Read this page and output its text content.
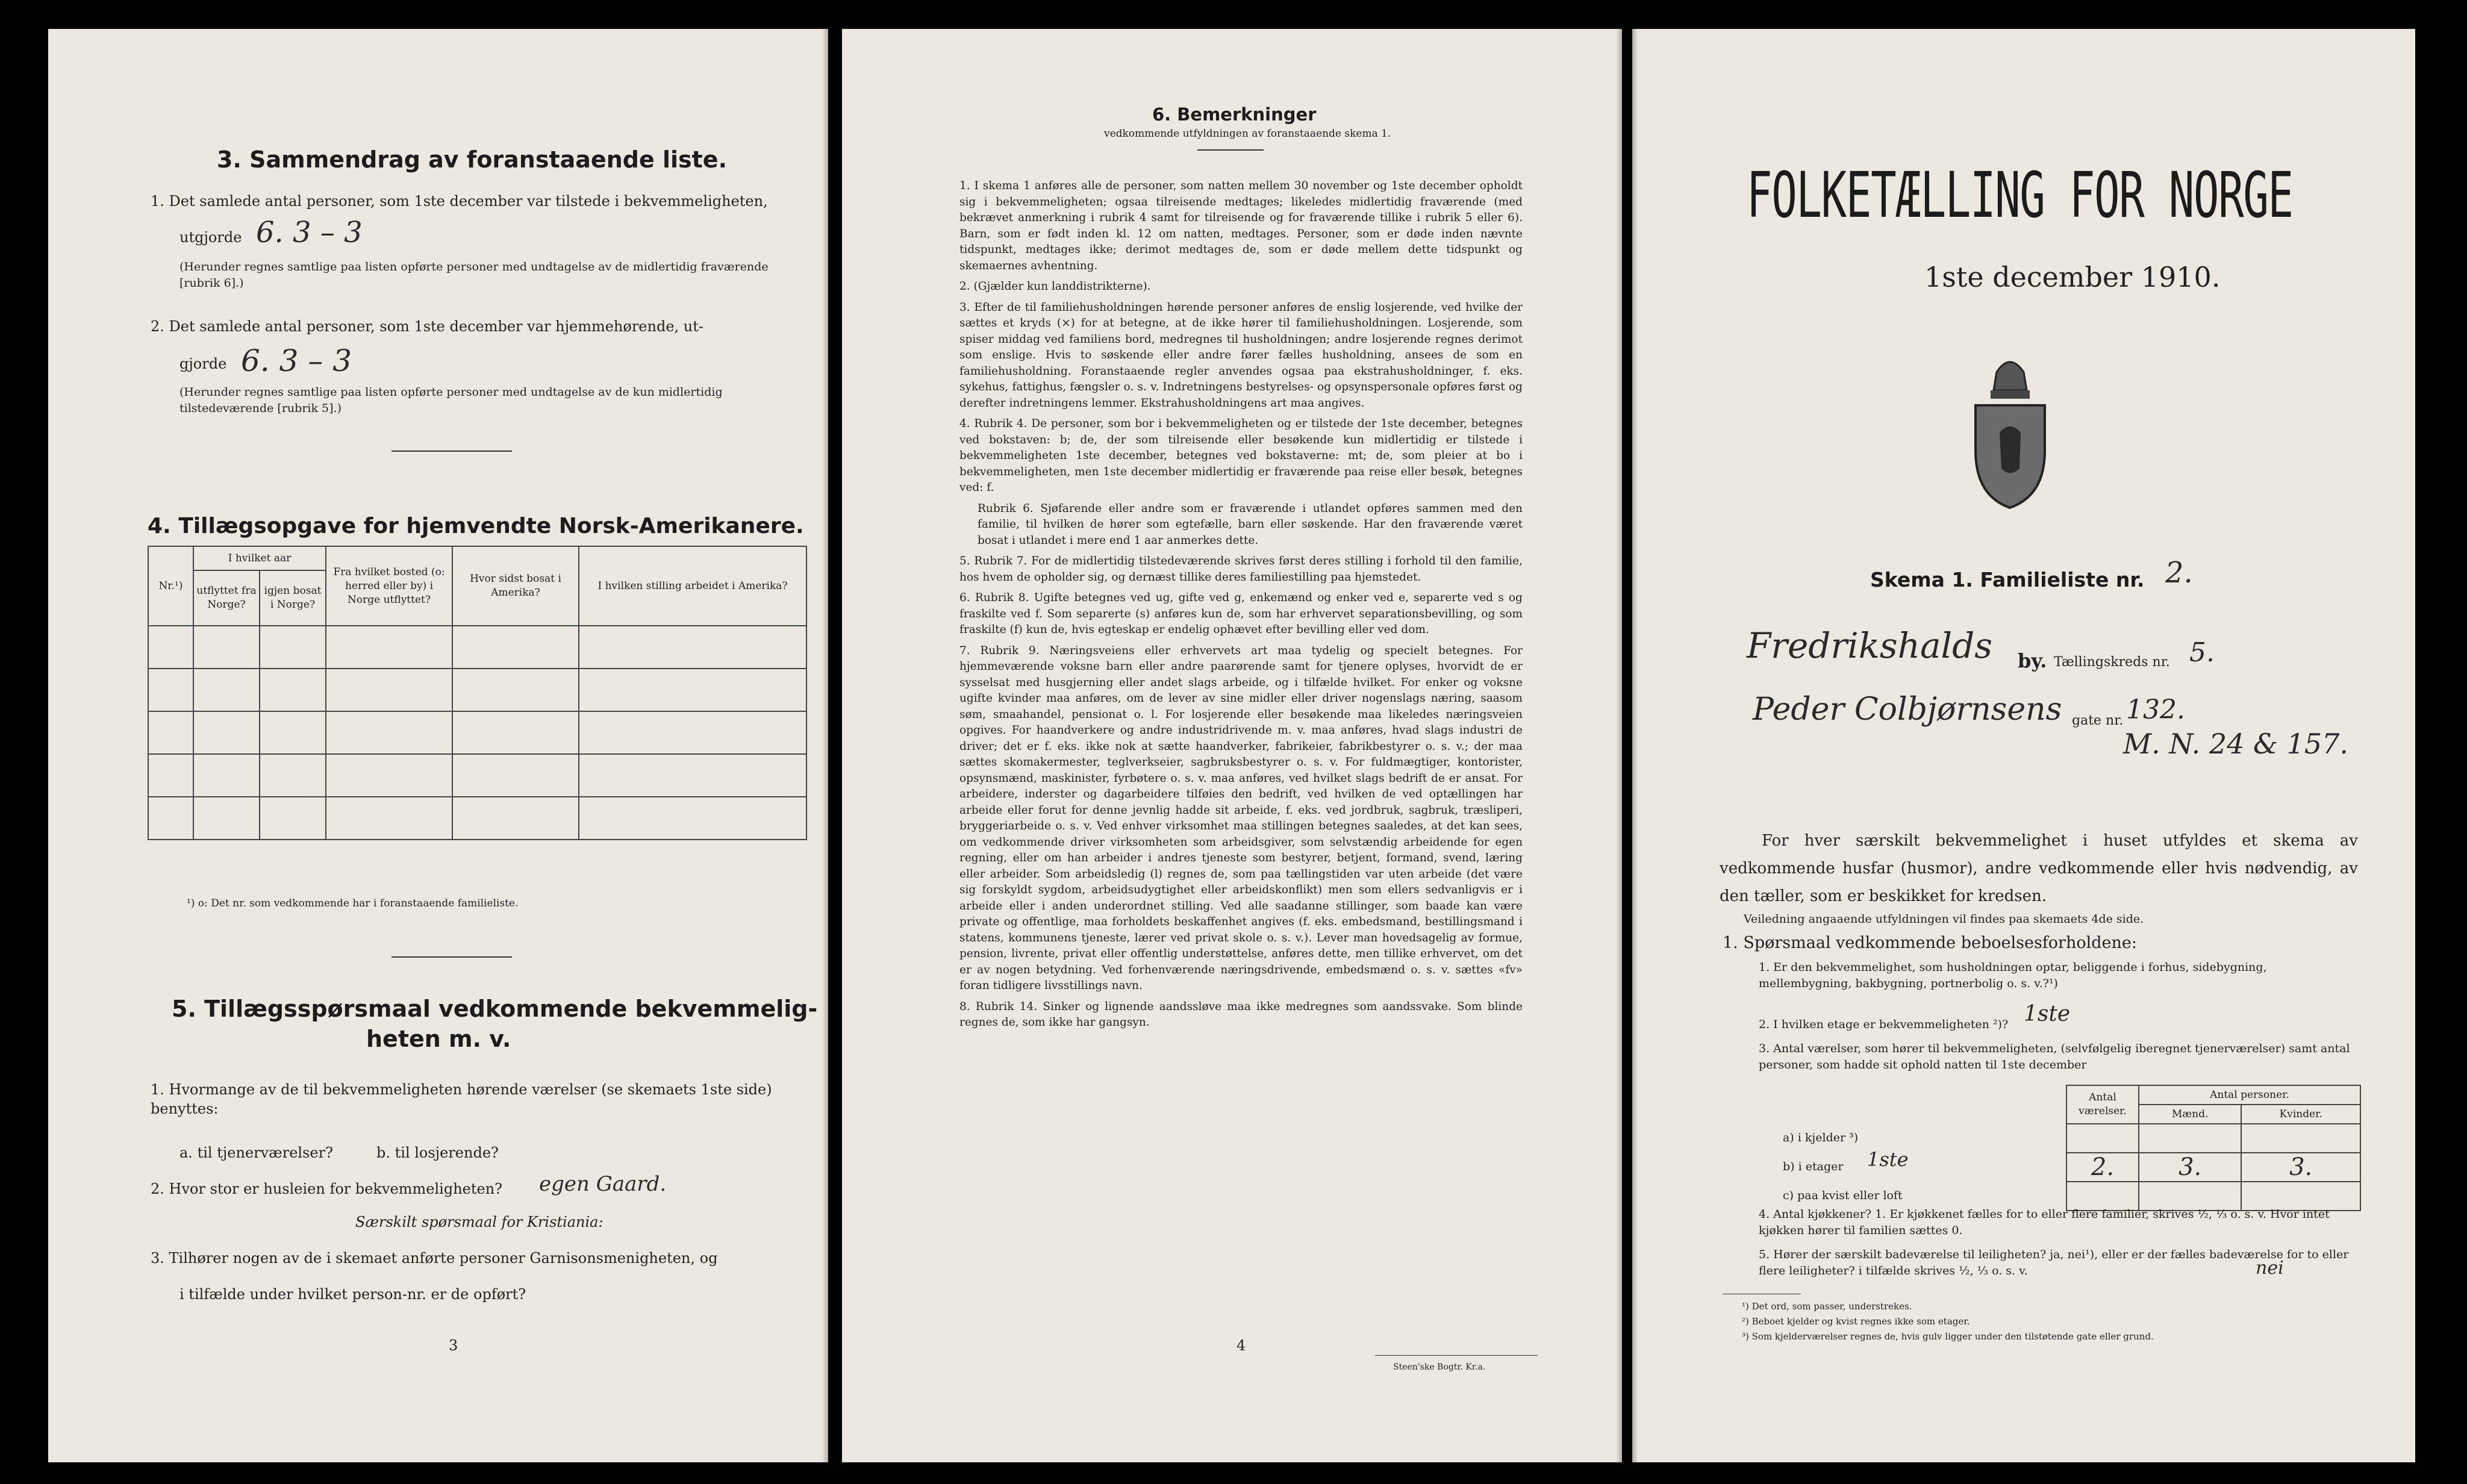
3. Sammendrag av foranstaaende liste.
1. Det samlede antal personer, som 1ste december var tilstede i bekvemmeligheten,
utgjorde 6. 3 – 3
(Herunder regnes samtlige paa listen opførte personer med undtagelse av de midlertidig fraværende [rubrik 6].)
2. Det samlede antal personer, som 1ste december var hjemmehørende, ut-
gjorde 6. 3 – 3
(Herunder regnes samtlige paa listen opførte personer med undtagelse av de kun midlertidig tilstedeværende [rubrik 5].)
4. Tillægsopgave for hjemvendte Norsk-Amerikanere.
Nr.¹)	I hvilket aar		Fra hvilket bosted (o: herred eller by) i Norge utflyttet?	Hvor sidst bosat i Amerika?	I hvilken stilling arbeidet i Amerika?
	utflyttet fra Norge?	igjen bosat i Norge?			

¹) o: Det nr. som vedkommende har i foranstaaende familieliste.
5. Tillægsspørsmaal vedkommende bekvemmelig-
heten m. v.
1. Hvormange av de til bekvemmeligheten hørende værelser (se skemaets 1ste side) benyttes:
a. til tjenerværelser?	b. til losjerende?
2. Hvor stor er husleien for bekvemmeligheten? egen Gaard.
Særskilt spørsmaal for Kristiania:
3. Tilhører nogen av de i skemaet anførte personer Garnisonsmenigheten, og
i tilfælde under hvilket person-nr. er de opført?
3
6. Bemerkninger
vedkommende utfyldningen av foranstaaende skema 1.

1. I skema 1 anføres alle de personer, som natten mellem 30 november og 1ste december opholdt sig i bekvemmeligheten; ogsaa tilreisende medtages; likeledes midlertidig fraværende (med bekrævet anmerkning i rubrik 4 samt for tilreisende og for fraværende tillike i rubrik 5 eller 6). Barn, som er født inden kl. 12 om natten, medtages. Personer, som er døde inden nævnte tidspunkt, medtages ikke; derimot medtages de, som er døde mellem dette tidspunkt og skemaernes avhentning.

2. (Gjælder kun landdistrikterne).

3. Efter de til familiehusholdningen hørende personer anføres de enslig losjerende, ved hvilke der sættes et kryds (×) for at betegne, at de ikke hører til familiehusholdningen. Losjerende, som spiser middag ved familiens bord, medregnes til husholdningen; andre losjerende regnes derimot som enslige. Hvis to søskende eller andre fører fælles husholdning, ansees de som en familiehusholdning. Foranstaaende regler anvendes ogsaa paa ekstrahusholdninger, f. eks. sykehus, fattighus, fængsler o. s. v. Indretningens bestyrelses- og opsynspersonale opføres først og derefter indretningens lemmer. Ekstrahusholdningens art maa angives.

4. Rubrik 4. De personer, som bor i bekvemmeligheten og er tilstede der 1ste december, betegnes ved bokstaven: b; de, der som tilreisende eller besøkende kun midlertidig er tilstede i bekvemmeligheten 1ste december, betegnes ved bokstaverne: mt; de, som pleier at bo i bekvemmeligheten, men 1ste december midlertidig er fraværende paa reise eller besøk, betegnes ved: f.

Rubrik 6. Sjøfarende eller andre som er fraværende i utlandet opføres sammen med den familie, til hvilken de hører som egtefælle, barn eller søskende. Har den fraværende været bosat i utlandet i mere end 1 aar anmerkes dette.

5. Rubrik 7. For de midlertidig tilstedeværende skrives først deres stilling i forhold til den familie, hos hvem de opholder sig, og dernæst tillike deres familiestilling paa hjemstedet.

6. Rubrik 8. Ugifte betegnes ved ug, gifte ved g, enkemænd og enker ved e, separerte ved s og fraskilte ved f. Som separerte (s) anføres kun de, som har erhvervet separationsbevilling, og som fraskilte (f) kun de, hvis egteskap er endelig ophævet efter bevilling eller ved dom.

7. Rubrik 9. Næringsveiens eller erhvervets art maa tydelig og specielt betegnes. For hjemmeværende voksne barn eller andre paarørende samt for tjenere oplyses, hvorvidt de er sysselsat med husgjerning eller andet slags arbeide, og i tilfælde hvilket. For enker og voksne ugifte kvinder maa anføres, om de lever av sine midler eller driver nogenslags næring, saasom søm, smaahandel, pensionat o. l. For losjerende eller besøkende maa likeledes næringsveien opgives. For haandverkere og andre industridrivende m. v. maa anføres, hvad slags industri de driver; det er f. eks. ikke nok at sætte haandverker, fabrikeier, fabrikbestyrer o. s. v.; der maa sættes skomakermester, teglverkseier, sagbruksbestyrer o. s. v. For fuldmægtiger, kontorister, opsynsmænd, maskinister, fyrbøtere o. s. v. maa anføres, ved hvilket slags bedrift de er ansat. For arbeidere, inderster og dagarbeidere tilføies den bedrift, ved hvilken de ved optællingen har arbeide eller forut for denne jevnlig hadde sit arbeide, f. eks. ved jordbruk, sagbruk, træsliperi, bryggeriarbeide o. s. v. Ved enhver virksomhet maa stillingen betegnes saaledes, at det kan sees, om vedkommende driver virksomheten som arbeidsgiver, som selvstændig arbeidende for egen regning, eller om han arbeider i andres tjeneste som bestyrer, betjent, formand, svend, læring eller arbeider. Som arbeidsledig (l) regnes de, som paa tællingstiden var uten arbeide (det være sig forskyldt sygdom, arbeidsudygtighet eller arbeidskonflikt) men som ellers sedvanligvis er i arbeide eller i anden underordnet stilling. Ved alle saadanne stillinger, som baade kan være private og offentlige, maa forholdets beskaffenhet angives (f. eks. embedsmand, bestillingsmand i statens, kommunens tjeneste, lærer ved privat skole o. s. v.). Lever man hovedsagelig av formue, pension, livrente, privat eller offentlig understøttelse, anføres dette, men tillike erhvervet, om det er av nogen betydning. Ved forhenværende næringsdrivende, embedsmænd o. s. v. sættes «fv» foran tidligere livsstillings navn.

8. Rubrik 14. Sinker og lignende aandssløve maa ikke medregnes som aandssvake. Som blinde regnes de, som ikke har gangsyn.

4
Steen'ske Bogtr. Kr.a.
FOLKETÆLLING FOR NORGE
1ste december 1910.
Skema 1. Familieliste nr. 2.
Fredrikshalds by. Tællingskreds nr. 5.
Peder Colbjørnsens gate nr. 132.
M. N. 24 & 157.
For hver særskilt bekvemmelighet i huset utfyldes et skema av vedkommende husfar (husmor), andre vedkommende eller hvis nødvendig, av den tæller, som er beskikket for kredsen.
Veiledning angaaende utfyldningen vil findes paa skemaets 4de side.
1. Spørsmaal vedkommende beboelsesforholdene:
1. Er den bekvemmelighet, som husholdningen optar, beliggende i forhus, sidebygning, mellembygning, bakbygning, portnerbolig o. s. v.?¹)
2. I hvilken etage er bekvemmeligheten ²)? 1ste
3. Antal værelser, som hører til bekvemmeligheten, (selvfølgelig iberegnet tjenerværelser) samt antal personer, som hadde sit ophold natten til 1ste december
Antal værelser.	Antal personer.	
	Mænd.	Kvinder.

2.	3.	3.

a) i kjelder ³)
b) i etager 1ste
c) paa kvist eller loft
4. Antal kjøkkener? 1. Er kjøkkenet fælles for to eller flere familier, skrives ½, ⅓ o. s. v. Hvor intet kjøkken hører til familien sættes 0.
5. Hører der særskilt badeværelse til leiligheten? ja, nei¹), eller er der fælles badeværelse for to eller flere leiligheter? i tilfælde skrives ½, ⅓ o. s. v.	nei
¹) Det ord, som passer, understrekes.
²) Beboet kjelder og kvist regnes ikke som etager.
³) Som kjelderværelser regnes de, hvis gulv ligger under den tilstøtende gate eller grund.
